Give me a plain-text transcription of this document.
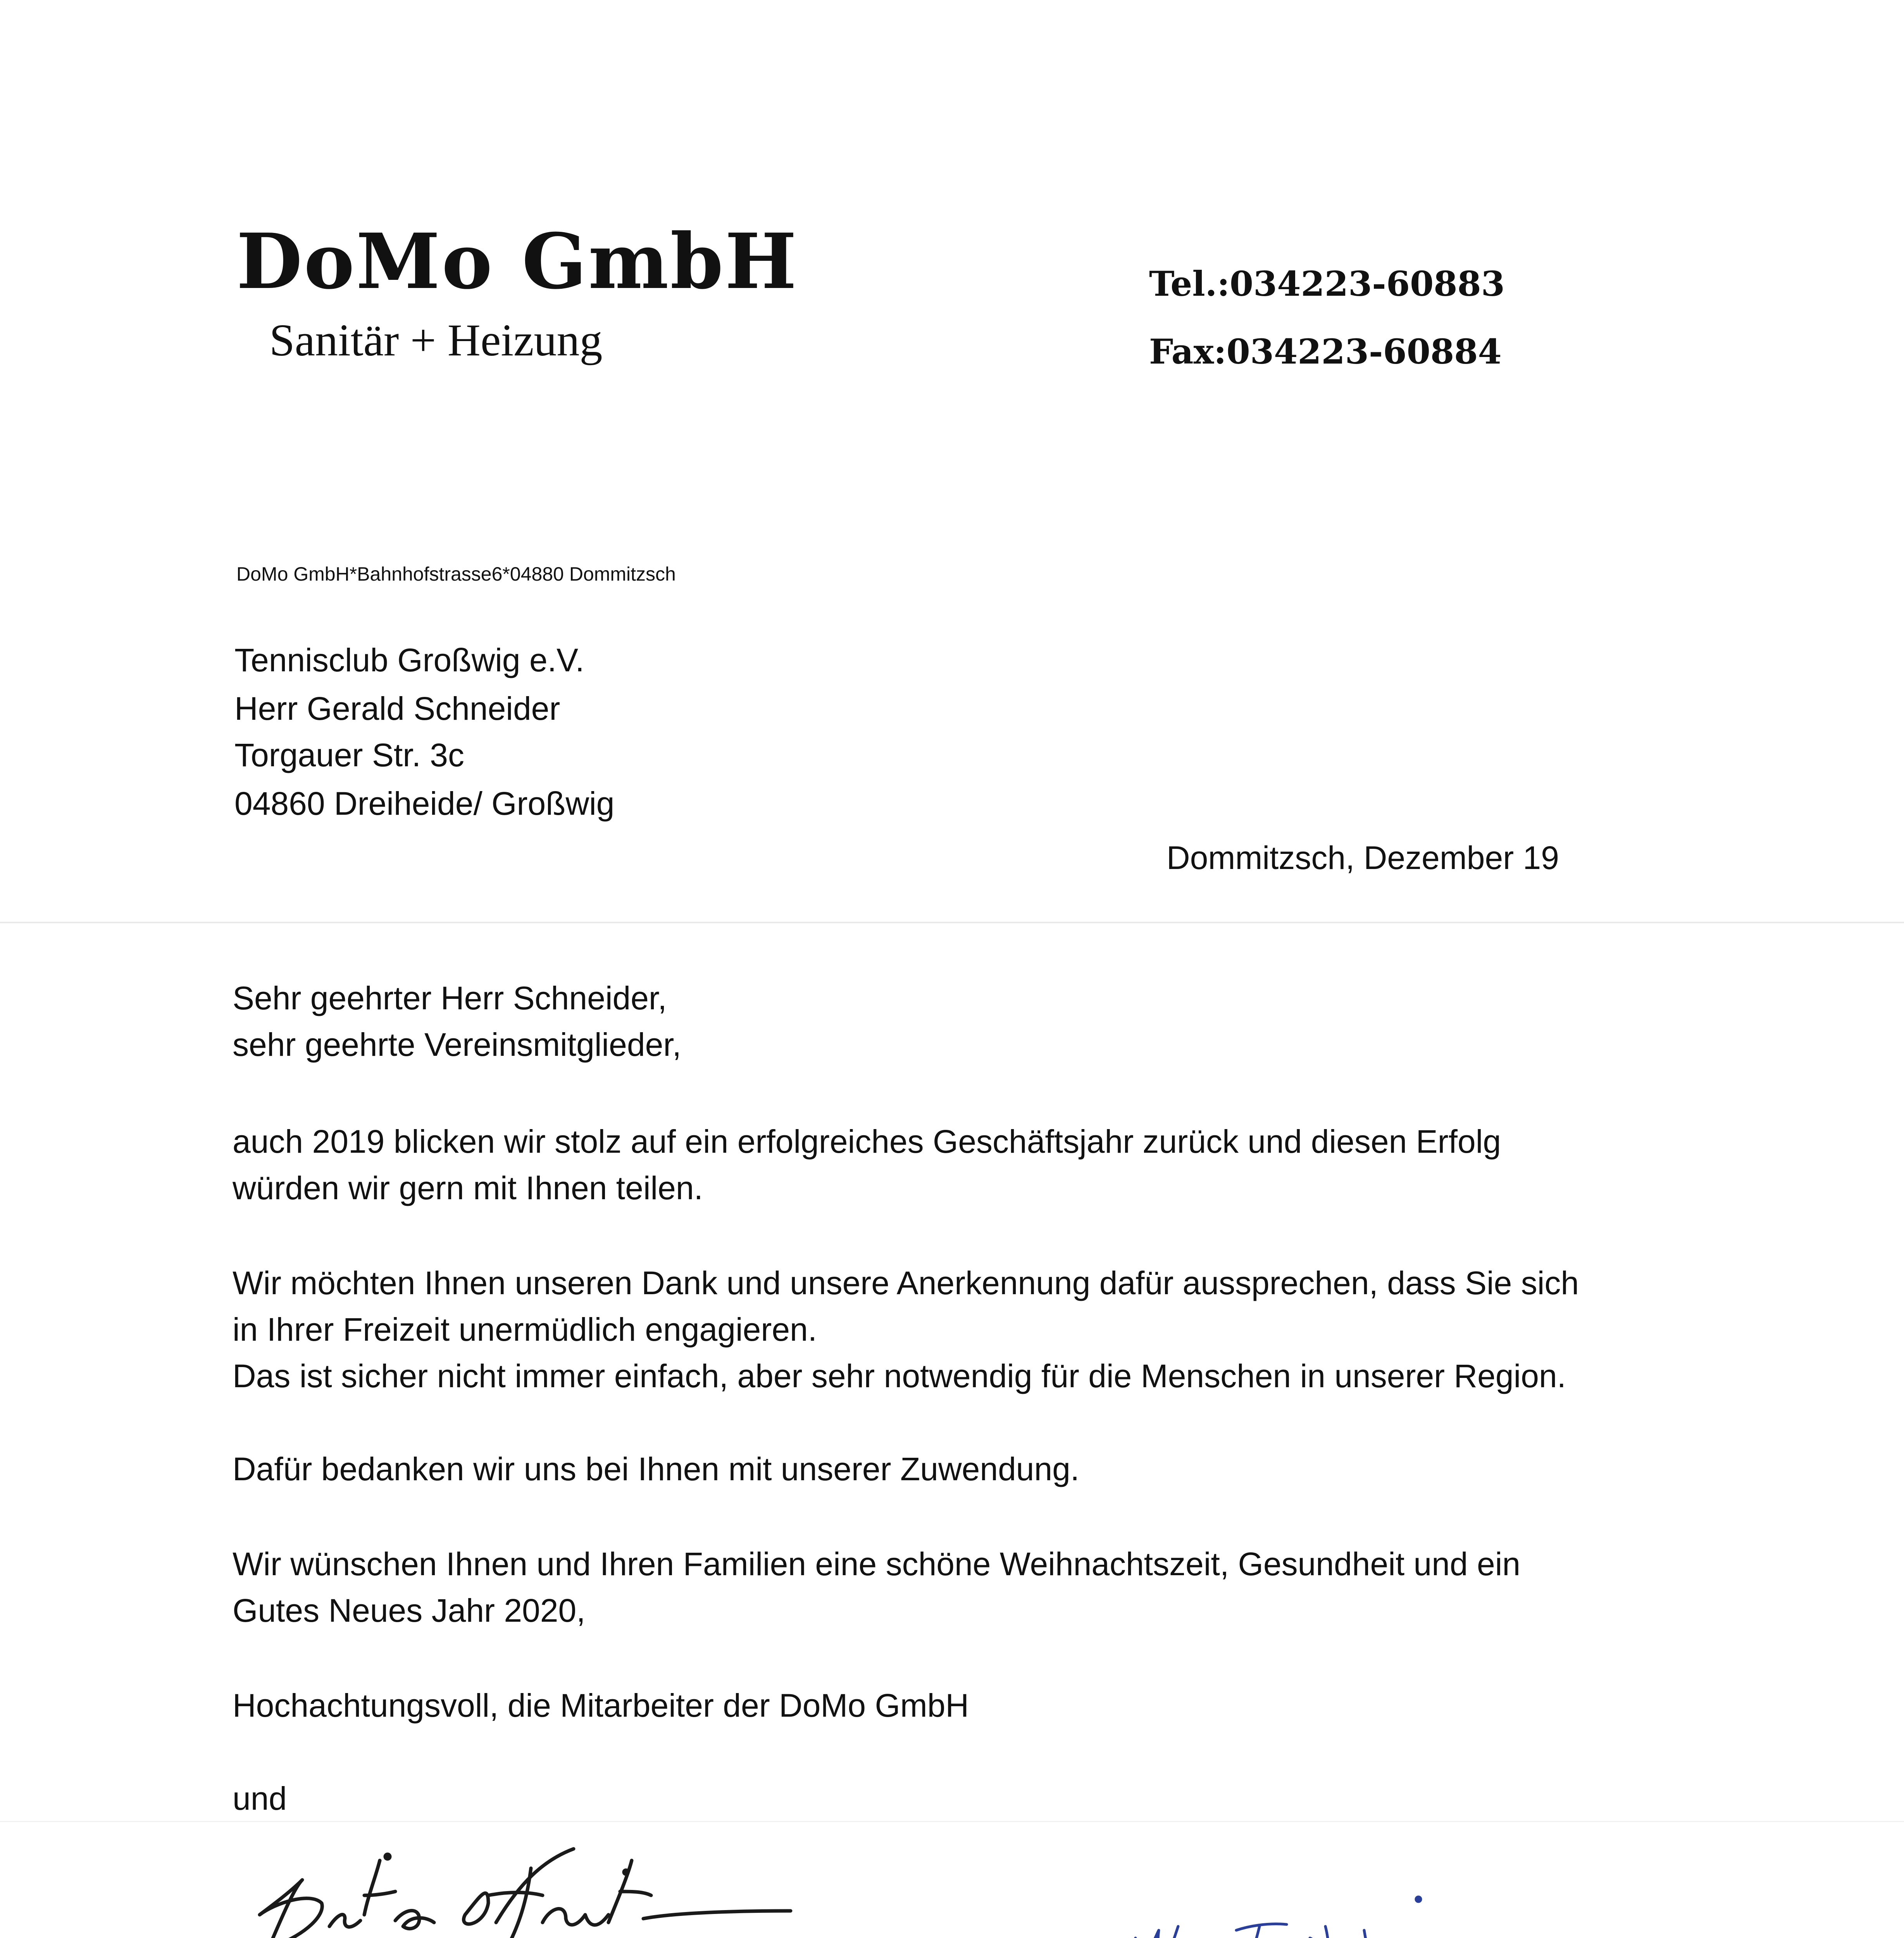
DoMo GmbH
Sanitär + Heizung
Tel.:034223-60883
Fax:034223-60884
DoMo GmbH*Bahnhofstrasse6*04880 Dommitzsch
Tennisclub Großwig e.V.
Herr Gerald Schneider
Torgauer Str. 3c
04860 Dreiheide/ Großwig
Dommitzsch, Dezember 19
Sehr geehrter Herr Schneider,
sehr geehrte Vereinsmitglieder,
auch 2019 blicken wir stolz auf ein erfolgreiches Geschäftsjahr zurück und diesen Erfolg
würden wir gern mit Ihnen teilen.
Wir möchten Ihnen unseren Dank und unsere Anerkennung dafür aussprechen, dass Sie sich
in Ihrer Freizeit unermüdlich engagieren.
Das ist sicher nicht immer einfach, aber sehr notwendig für die Menschen in unserer Region.
Dafür bedanken wir uns bei Ihnen mit unserer Zuwendung.
Wir wünschen Ihnen und Ihren Familien eine schöne Weihnachtszeit, Gesundheit und ein
Gutes Neues Jahr 2020,
Hochachtungsvoll, die Mitarbeiter der DoMo GmbH
und
